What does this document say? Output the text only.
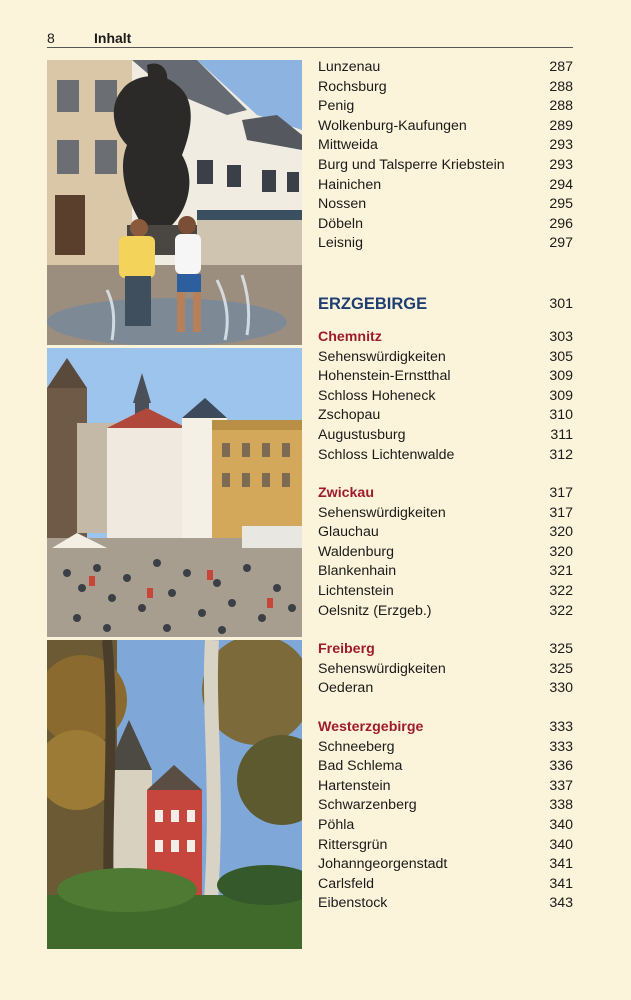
8	Inhalt
Lunzenau	287
Rochsburg	288
Penig	288
Wolkenburg-Kaufungen	289
Mittweida	293
Burg und Talsperre Kriebstein	293
Hainichen	294
Nossen	295
Döbeln	296
Leisnig	297
ERZGEBIRGE	301
Chemnitz	303
Sehenswürdigkeiten	305
Hohenstein-Ernstthal	309
Schloss Hoheneck	309
Zschopau	310
Augustusburg	311
Schloss Lichtenwalde	312
Zwickau	317
Sehenswürdigkeiten	317
Glauchau	320
Waldenburg	320
Blankenhain	321
Lichtenstein	322
Oelsnitz (Erzgeb.)	322
Freiberg	325
Sehenswürdigkeiten	325
Oederan	330
Westerzgebirge	333
Schneeberg	333
Bad Schlema	336
Hartenstein	337
Schwarzenberg	338
Pöhla	340
Rittersgrün	340
Johanngeorgenstadt	341
Carlsfeld	341
Eibenstock	343
